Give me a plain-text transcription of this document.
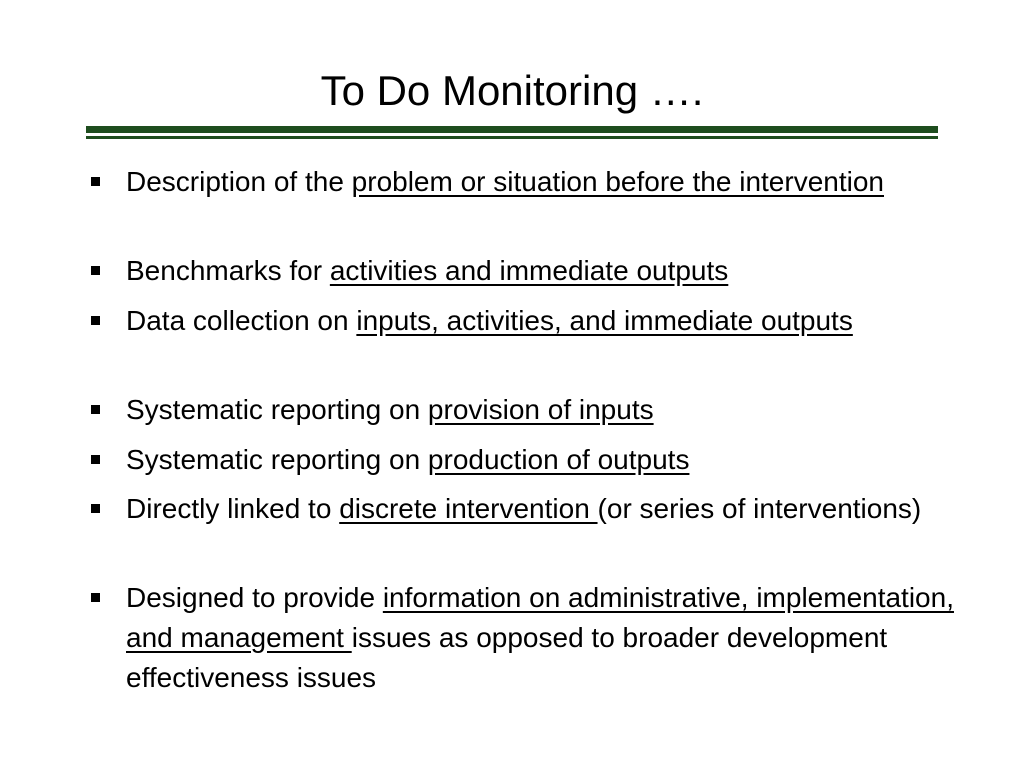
To Do Monitoring ….
Description of the problem or situation before the intervention
Benchmarks for activities and immediate outputs
Data collection on inputs, activities, and immediate outputs
Systematic reporting on provision of inputs
Systematic reporting on production of outputs
Directly linked to discrete intervention (or series of interventions)
Designed to provide information on administrative, implementation, and management issues as opposed to broader development effectiveness issues
